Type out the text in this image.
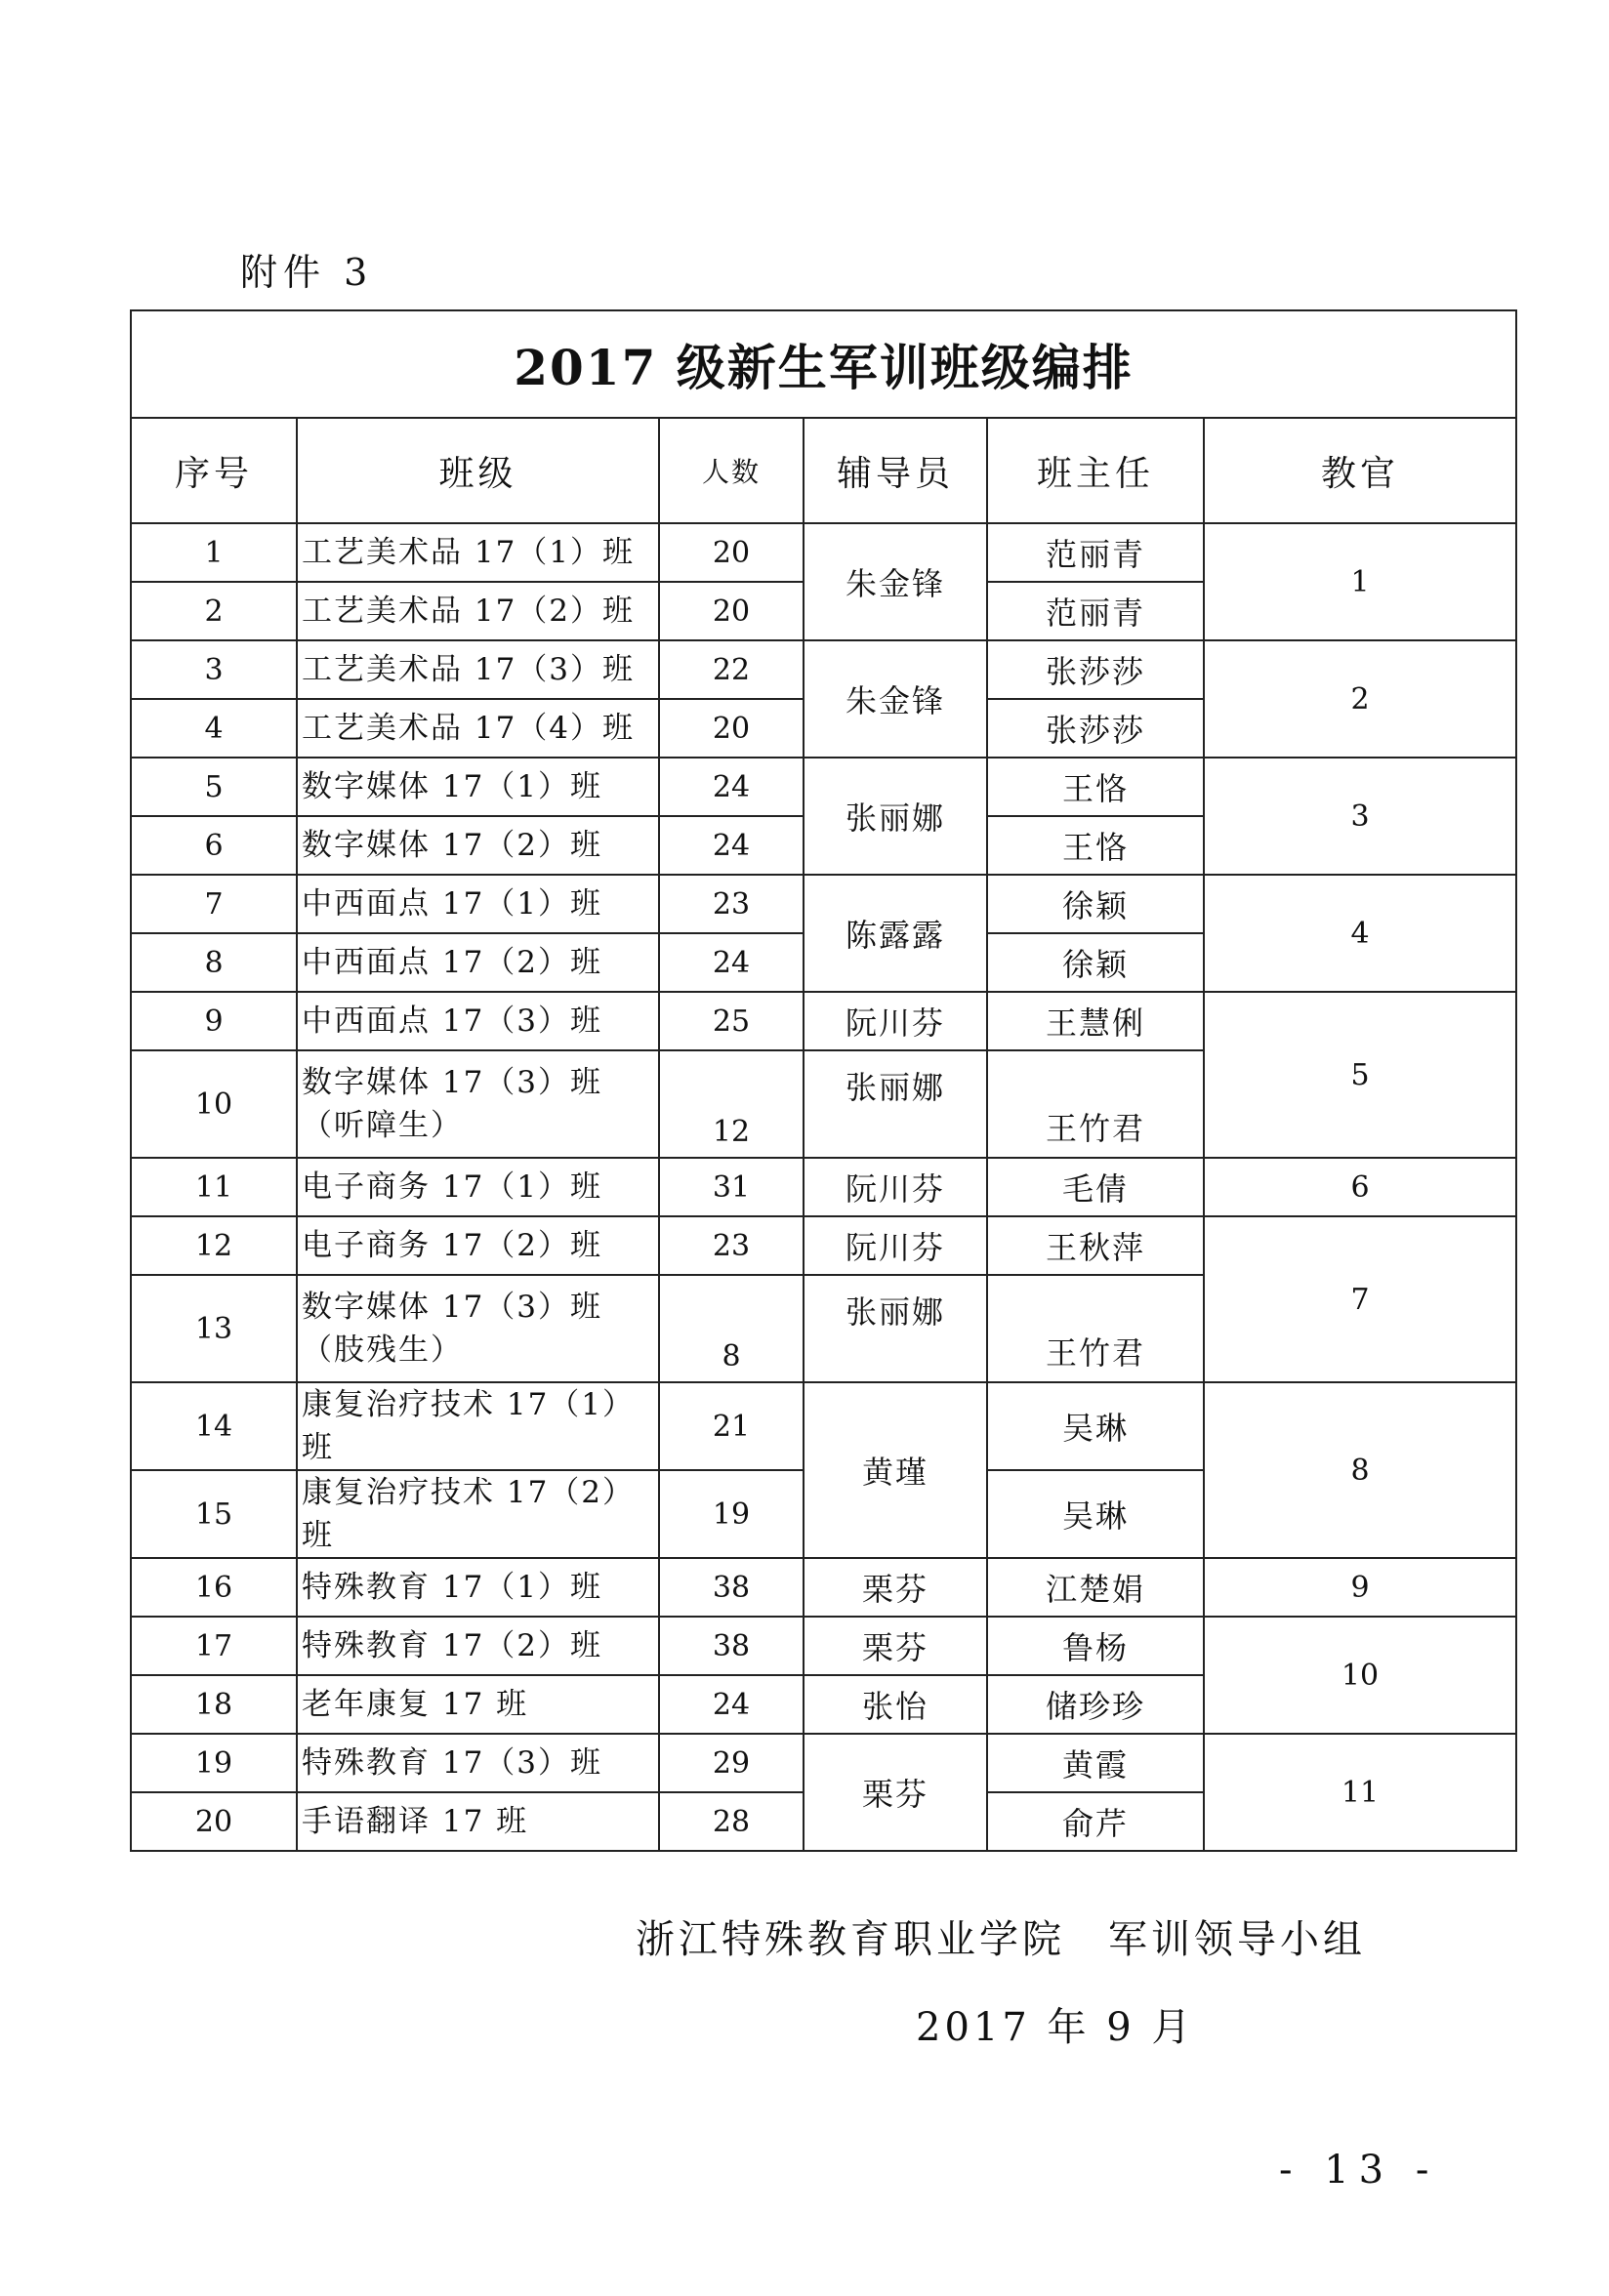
附件 3
2017 级新生军训班级编排					
序号	班级	人数	辅导员	班主任	教官
1	工艺美术品 17（1）班	20	朱金锋	范丽青	1
2	工艺美术品 17（2）班	20		范丽青	
3	工艺美术品 17（3）班	22	朱金锋	张莎莎	2
4	工艺美术品 17（4）班	20		张莎莎	
5	数字媒体 17（1）班	24	张丽娜	王恪	3
6	数字媒体 17（2）班	24		王恪	
7	中西面点 17（1）班	23	陈露露	徐颖	4
8	中西面点 17（2）班	24		徐颖	
9	中西面点 17（3）班	25	阮川芬	王慧俐	5
10	数字媒体 17（3）班（听障生）	12	张丽娜	王竹君	
11	电子商务 17（1）班	31	阮川芬	毛倩	6
12	电子商务 17（2）班	23	阮川芬	王秋萍	7
13	数字媒体 17（3）班（肢残生）	8	张丽娜	王竹君	
14	康复治疗技术 17（1）班	21	黄瑾	吴琳	8
15	康复治疗技术 17（2）班	19		吴琳	
16	特殊教育 17（1）班	38	栗芬	江楚娟	9
17	特殊教育 17（2）班	38	栗芬	鲁杨	10
18	老年康复 17 班	24	张怡	储珍珍	
19	特殊教育 17（3）班	29	栗芬	黄霞	11
20	手语翻译 17 班	28		俞芹	
浙江特殊教育职业学院　军训领导小组
2017 年 9 月
- 13 -
